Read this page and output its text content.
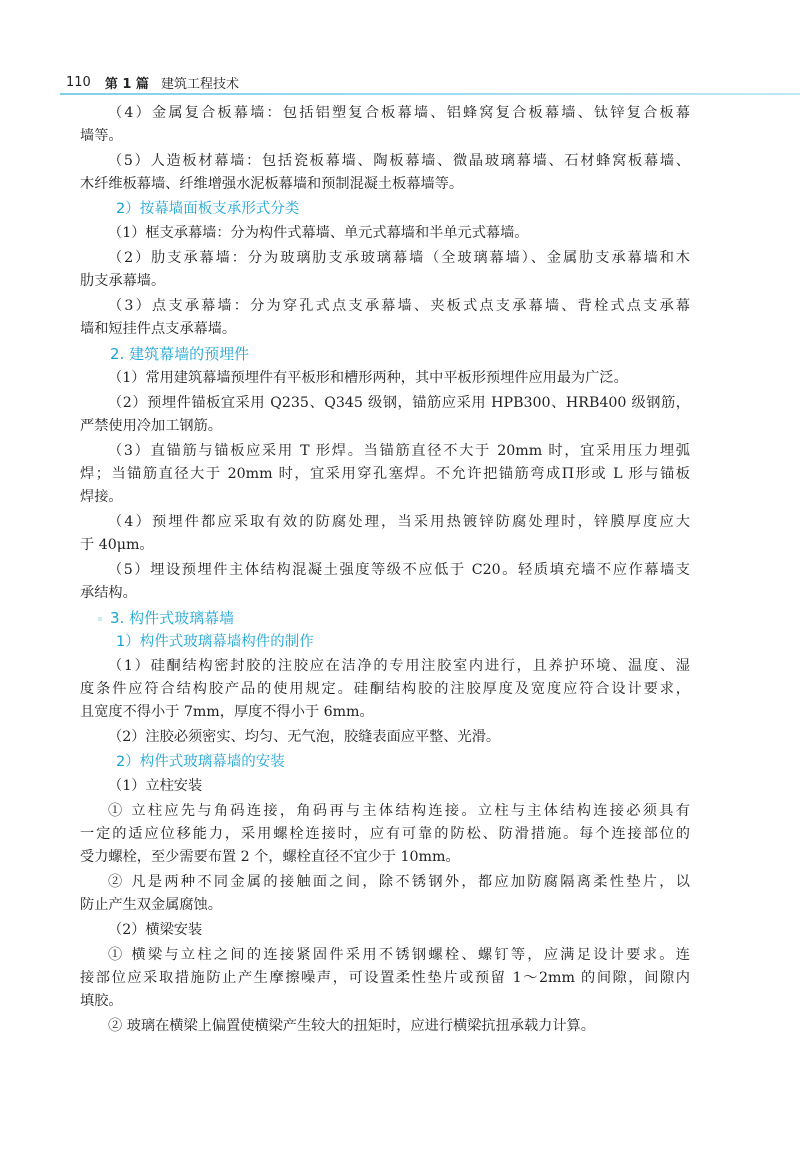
110 第 1 篇 建筑工程技术
（4）金属复合板幕墙：包括铝塑复合板幕墙、铝蜂窝复合板幕墙、钛锌复合板幕
墙等。
（5）人造板材幕墙：包括瓷板幕墙、陶板幕墙、微晶玻璃幕墙、石材蜂窝板幕墙、
木纤维板幕墙、纤维增强水泥板幕墙和预制混凝土板幕墙等。
2）按幕墙面板支承形式分类
（1）框支承幕墙：分为构件式幕墙、单元式幕墙和半单元式幕墙。
（2）肋支承幕墙：分为玻璃肋支承玻璃幕墙（全玻璃幕墙）、金属肋支承幕墙和木
肋支承幕墙。
（3）点支承幕墙：分为穿孔式点支承幕墙、夹板式点支承幕墙、背栓式点支承幕
墙和短挂件点支承幕墙。
2. 建筑幕墙的预埋件
（1）常用建筑幕墙预埋件有平板形和槽形两种，其中平板形预埋件应用最为广泛。
（2）预埋件锚板宜采用 Q235、Q345 级钢，锚筋应采用 HPB300、HRB400 级钢筋，
严禁使用冷加工钢筋。
（3）直锚筋与锚板应采用 T 形焊。当锚筋直径不大于 20mm 时，宜采用压力埋弧
焊；当锚筋直径大于 20mm 时，宜采用穿孔塞焊。不允许把锚筋弯成Π形或 L 形与锚板
焊接。
（4）预埋件都应采取有效的防腐处理，当采用热镀锌防腐处理时，锌膜厚度应大
于 40μm。
（5）埋设预埋件主体结构混凝土强度等级不应低于 C20。轻质填充墙不应作幕墙支
承结构。
3. 构件式玻璃幕墙
1）构件式玻璃幕墙构件的制作
（1）硅酮结构密封胶的注胶应在洁净的专用注胶室内进行，且养护环境、温度、湿
度条件应符合结构胶产品的使用规定。硅酮结构胶的注胶厚度及宽度应符合设计要求，
且宽度不得小于 7mm，厚度不得小于 6mm。
（2）注胶必须密实、均匀、无气泡，胶缝表面应平整、光滑。
2）构件式玻璃幕墙的安装
（1）立柱安装
① 立柱应先与角码连接，角码再与主体结构连接。立柱与主体结构连接必须具有
一定的适应位移能力，采用螺栓连接时，应有可靠的防松、防滑措施。每个连接部位的
受力螺栓，至少需要布置 2 个，螺栓直径不宜少于 10mm。
② 凡是两种不同金属的接触面之间，除不锈钢外，都应加防腐隔离柔性垫片，以
防止产生双金属腐蚀。
（2）横梁安装
① 横梁与立柱之间的连接紧固件采用不锈钢螺栓、螺钉等，应满足设计要求。连
接部位应采取措施防止产生摩擦噪声，可设置柔性垫片或预留 1～2mm 的间隙，间隙内
填胶。
② 玻璃在横梁上偏置使横梁产生较大的扭矩时，应进行横梁抗扭承载力计算。
